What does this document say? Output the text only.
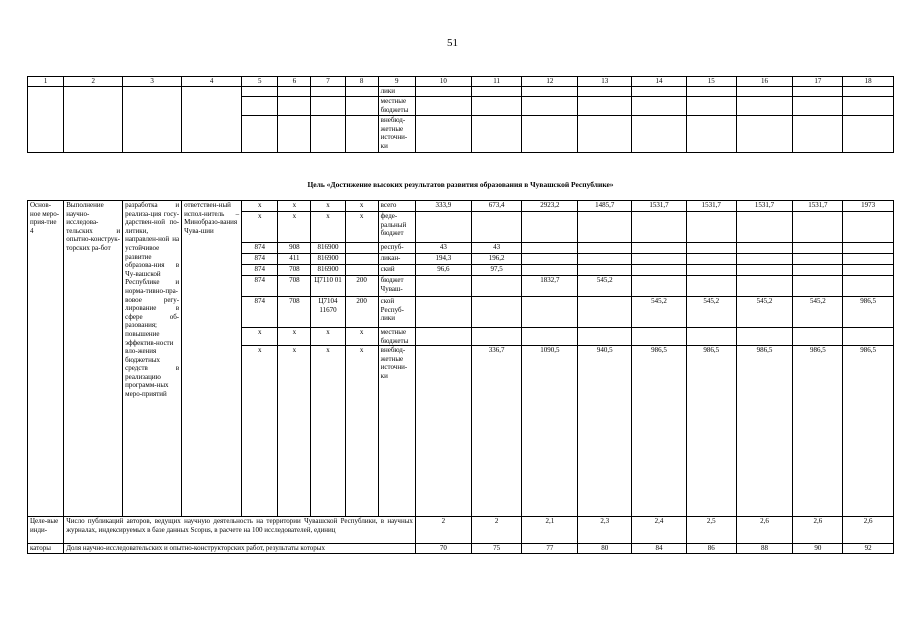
51
1	2	3	4	5	6	7	8	9	10	11	12	13	14	15	16	17	18
								лики									
								местные бюджеты									
								внебюд-жетные источни-ки									
Цель «Достижение высоких результатов развития образования в Чувашской Республике»
Основ-ное меро-прия-тие 4	Выполнение научно-исследова-тельских и опытно-конструк-торских ра-бот	разработка и реализа-ция госу-дарствен-ной по-литики, направлен-ной на устойчивое развитие образова-ния в Чу-вашской Республике и норма-тивно-пра-вовое регу-лирование в сфере об-разования; повышение эффектив-ности вло-жения бюджетных средств в реализацию программ-ных меро-приятий	ответствен-ный испол-нитель – Минобразо-вания Чува-шии	x	x	x	x	всего	333,9	673,4	2923,2	1485,7	1531,7	1531,7	1531,7	1531,7	1973
				x	x	x	x	феде-ральный бюджет									
				874	908	816900		респуб-	43	43							
				874	411	816900		ликан-	194,3	196,2							
				874	708	816900		ский	96,6	97,5							
				874	708	Ц7110 01	200	бюджет Чуваш-			1832,7	545,2					
				874	708	Ц7104 11670	200	ской Респуб-лики					545,2	545,2	545,2	545,2	986,5
				x	x	x	x	местные бюджеты									
				x	x	x	x	внебюд-жетные источни-ки		336,7	1090,5	940,5	986,5	986,5	986,5	986,5	986,5
Целе-вые инди-	Число публикаций авторов, ведущих научную деятельность на территории Чувашской Республики, в научных журналах, индексируемых в базе данных Scopus, в расчете на 100 исследователей, единиц								2	2	2,1	2,3	2,4	2,5	2,6	2,6	2,6
каторы	Доля научно-исследовательских и опытно-конструкторских работ, результаты которых								70	75	77	80	84	86	88	90	92
